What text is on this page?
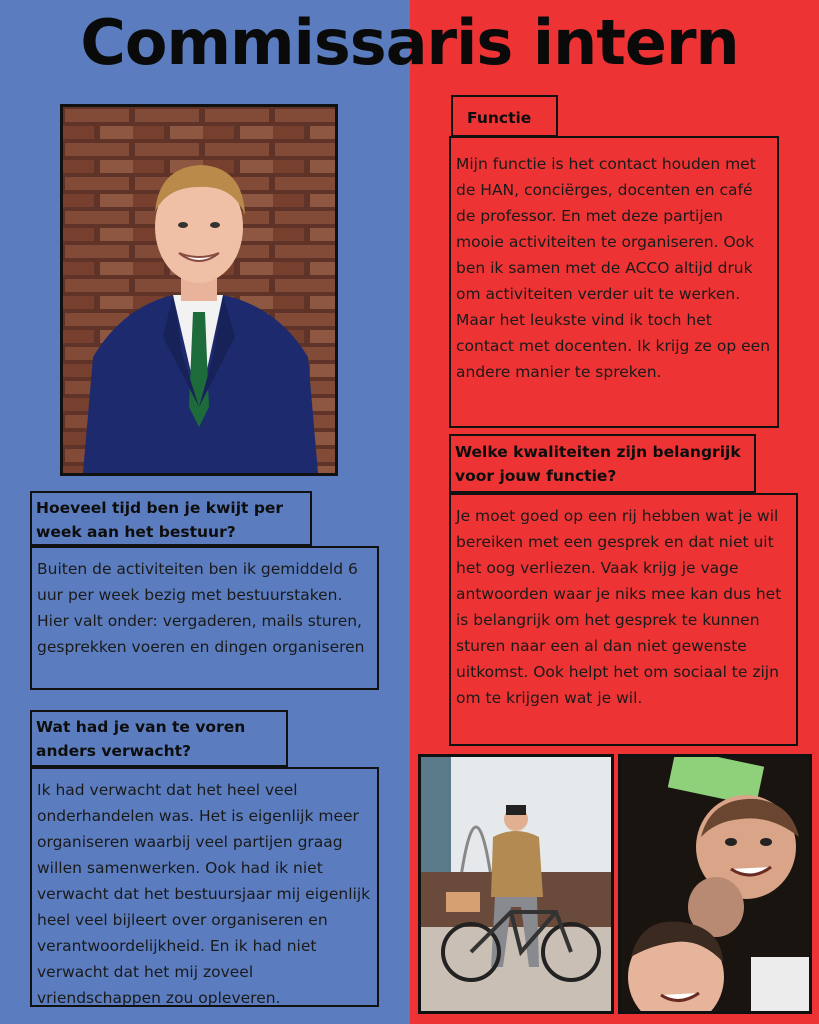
Commissaris intern
Hoeveel tijd ben je kwijt per week aan het bestuur?
Buiten de activiteiten ben ik gemiddeld 6 uur per week bezig met bestuurstaken. Hier valt onder: vergaderen, mails sturen, gesprekken voeren en dingen organiseren
Wat had je van te voren anders verwacht?
Ik had verwacht dat het heel veel onderhandelen was. Het is eigenlijk meer organiseren waarbij veel partijen graag willen samenwerken. Ook had ik niet verwacht dat het bestuursjaar mij eigenlijk heel veel bijleert over organiseren en verantwoordelijkheid. En ik had niet verwacht dat het mij zoveel vriendschappen zou opleveren.
Functie
Mijn functie is het contact houden met de HAN, conciërges, docenten en café de professor. En met deze partijen mooie activiteiten te organiseren. Ook ben ik samen met de ACCO altijd druk om activiteiten verder uit te werken. Maar het leukste vind ik toch het contact met docenten. Ik krijg ze op een andere manier te spreken.
Welke kwaliteiten zijn belangrijk voor jouw functie?
Je moet goed op een rij hebben wat je wil bereiken met een gesprek en dat niet uit het oog verliezen. Vaak krijg je vage antwoorden waar je niks mee kan dus het is belangrijk om het gesprek te kunnen sturen naar een al dan niet gewenste uitkomst. Ook helpt het om sociaal te zijn om te krijgen wat je wil.
